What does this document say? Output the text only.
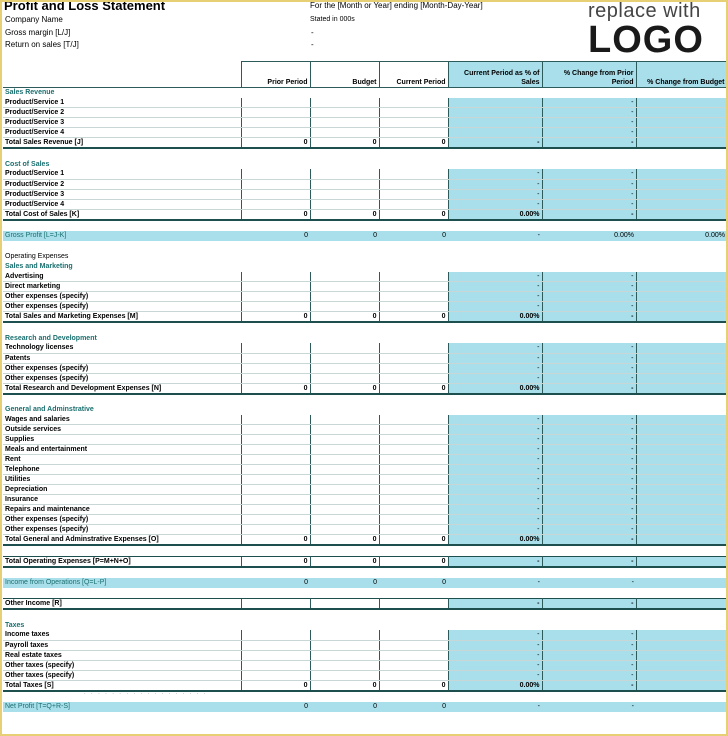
Profit and Loss Statement
Company Name
Gross margin [L/J]
Return on sales [T/J]
For the [Month or Year] ending [Month-Day-Year]
Stated in 000s
-
-
replace with
LOGO
	Prior Period	Budget	Current Period	Current Period as % of Sales	% Change from Prior Period	% Change from Budget
Sales Revenue						
Product/Service 1					-	
Product/Service 2					-	
Product/Service 3					-	
Product/Service 4					-	
Total Sales Revenue [J]	0	0	0	-	-	

Cost of Sales						
Product/Service 1				-	-	
Product/Service 2				-	-	
Product/Service 3				-	-	
Product/Service 4				-	-	
Total Cost of Sales [K]	0	0	0	0.00%	-	

Gross Profit [L=J-K]	0	0	0	-	0.00%	0.00%

Operating Expenses						
Sales and Marketing						
Advertising				-	-	
Direct marketing				-	-	
Other expenses (specify)				-	-	
Other expenses (specify)				-	-	
Total Sales and Marketing Expenses [M]	0	0	0	0.00%	-	

Research and Development						
Technology licenses				-	-	
Patents				-	-	
Other expenses (specify)				-	-	
Other expenses (specify)				-	-	
Total Research and Development Expenses [N]	0	0	0	0.00%	-	

General and Adminstrative						
Wages and salaries				-	-	
Outside services				-	-	
Supplies				-	-	
Meals and entertainment				-	-	
Rent				-	-	
Telephone				-	-	
Utilities				-	-	
Depreciation				-	-	
Insurance				-	-	
Repairs and maintenance				-	-	
Other expenses (specify)				-	-	
Other expenses (specify)				-	-	
Total General and Adminstrative Expenses [O]	0	0	0	0.00%	-	

Total Operating Expenses [P=M+N+O]	0	0	0	-	-	

Income from Operations [Q=L-P]	0	0	0	-	-	

Other Income [R]				-	-	

Taxes						
Income taxes				-	-	
Payroll taxes				-	-	
Real estate taxes				-	-	
Other taxes (specify)				-	-	
Other taxes (specify)				-	-	
Total Taxes [S]	0	0	0	0.00%	-	

Net Profit [T=Q+R-S]	0	0	0	-	-	
· · · · · · · · · · · · · · · · · ·
